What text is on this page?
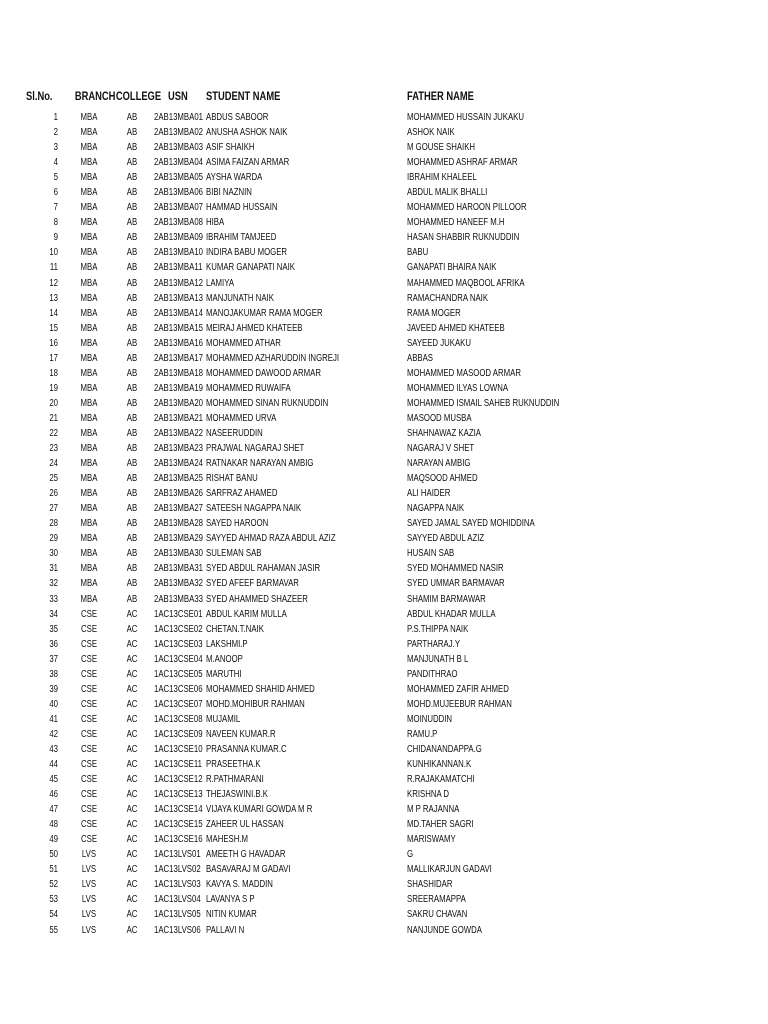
Sl.No.	BRANCH COLLEGE USN	STUDENT NAME	FATHER NAME
1	MBA	AB	2AB13MBA01 ABDUS SABOOR	MOHAMMED HUSSAIN JUKAKU
2	MBA	AB	2AB13MBA02 ANUSHA ASHOK NAIK	ASHOK NAIK
3	MBA	AB	2AB13MBA03 ASIF SHAIKH	M GOUSE SHAIKH
4	MBA	AB	2AB13MBA04 ASIMA FAIZAN ARMAR	MOHAMMED ASHRAF ARMAR
5	MBA	AB	2AB13MBA05 AYSHA WARDA	IBRAHIM KHALEEL
6	MBA	AB	2AB13MBA06 BIBI NAZNIN	ABDUL MALIK BHALLI
7	MBA	AB	2AB13MBA07 HAMMAD HUSSAIN	MOHAMMED HAROON PILLOOR
8	MBA	AB	2AB13MBA08 HIBA	MOHAMMED HANEEF M.H
9	MBA	AB	2AB13MBA09 IBRAHIM TAMJEED	HASAN SHABBIR RUKNUDDIN
10	MBA	AB	2AB13MBA10 INDIRA BABU MOGER	BABU
11	MBA	AB	2AB13MBA11 KUMAR GANAPATI NAIK	GANAPATI BHAIRA NAIK
12	MBA	AB	2AB13MBA12 LAMIYA	MAHAMMED MAQBOOL AFRIKA
13	MBA	AB	2AB13MBA13 MANJUNATH NAIK	RAMACHANDRA NAIK
14	MBA	AB	2AB13MBA14 MANOJAKUMAR RAMA MOGER	RAMA MOGER
15	MBA	AB	2AB13MBA15 MEIRAJ AHMED KHATEEB	JAVEED AHMED KHATEEB
16	MBA	AB	2AB13MBA16 MOHAMMED ATHAR	SAYEED JUKAKU
17	MBA	AB	2AB13MBA17 MOHAMMED AZHARUDDIN INGREJI	ABBAS
18	MBA	AB	2AB13MBA18 MOHAMMED DAWOOD ARMAR	MOHAMMED MASOOD ARMAR
19	MBA	AB	2AB13MBA19 MOHAMMED RUWAIFA	MOHAMMED ILYAS LOWNA
20	MBA	AB	2AB13MBA20 MOHAMMED SINAN RUKNUDDIN	MOHAMMED ISMAIL SAHEB RUKNUDDIN
21	MBA	AB	2AB13MBA21 MOHAMMED URVA	MASOOD MUSBA
22	MBA	AB	2AB13MBA22 NASEERUDDIN	SHAHNAWAZ KAZIA
23	MBA	AB	2AB13MBA23 PRAJWAL NAGARAJ SHET	NAGARAJ V SHET
24	MBA	AB	2AB13MBA24 RATNAKAR NARAYAN AMBIG	NARAYAN AMBIG
25	MBA	AB	2AB13MBA25 RISHAT BANU	MAQSOOD AHMED
26	MBA	AB	2AB13MBA26 SARFRAZ AHAMED	ALI HAIDER
27	MBA	AB	2AB13MBA27 SATEESH NAGAPPA NAIK	NAGAPPA NAIK
28	MBA	AB	2AB13MBA28 SAYED HAROON	SAYED JAMAL SAYED MOHIDDINA
29	MBA	AB	2AB13MBA29 SAYYED AHMAD RAZA ABDUL AZIZ	SAYYED ABDUL AZIZ
30	MBA	AB	2AB13MBA30 SULEMAN SAB	HUSAIN SAB
31	MBA	AB	2AB13MBA31 SYED ABDUL RAHAMAN JASIR	SYED MOHAMMED NASIR
32	MBA	AB	2AB13MBA32 SYED AFEEF BARMAVAR	SYED UMMAR BARMAVAR
33	MBA	AB	2AB13MBA33 SYED AHAMMED SHAZEER	SHAMIM BARMAWAR
34	CSE	AC	1AC13CSE01 ABDUL KARIM MULLA	ABDUL KHADAR MULLA
35	CSE	AC	1AC13CSE02 CHETAN.T.NAIK	P.S.THIPPA NAIK
36	CSE	AC	1AC13CSE03 LAKSHMI.P	PARTHARAJ.Y
37	CSE	AC	1AC13CSE04 M.ANOOP	MANJUNATH B L
38	CSE	AC	1AC13CSE05 MARUTHI	PANDITHRAO
39	CSE	AC	1AC13CSE06 MOHAMMED SHAHID AHMED	MOHAMMED ZAFIR AHMED
40	CSE	AC	1AC13CSE07 MOHD.MOHIBUR RAHMAN	MOHD.MUJEEBUR RAHMAN
41	CSE	AC	1AC13CSE08 MUJAMIL	MOINUDDIN
42	CSE	AC	1AC13CSE09 NAVEEN KUMAR.R	RAMU.P
43	CSE	AC	1AC13CSE10 PRASANNA KUMAR.C	CHIDANANDAPPA.G
44	CSE	AC	1AC13CSE11 PRASEETHA.K	KUNHIKANNAN.K
45	CSE	AC	1AC13CSE12 R.PATHMARANI	R.RAJAKAMATCHI
46	CSE	AC	1AC13CSE13 THEJASWINI.B.K	KRISHNA D
47	CSE	AC	1AC13CSE14 VIJAYA KUMARI GOWDA M R	M P RAJANNA
48	CSE	AC	1AC13CSE15 ZAHEER UL HASSAN	MD.TAHER SAGRI
49	CSE	AC	1AC13CSE16 MAHESH.M	MARISWAMY
50	LVS	AC	1AC13LVS01 AMEETH G HAVADAR	G
51	LVS	AC	1AC13LVS02 BASAVARAJ M GADAVI	MALLIKARJUN GADAVI
52	LVS	AC	1AC13LVS03 KAVYA S. MADDIN	SHASHIDAR
53	LVS	AC	1AC13LVS04 LAVANYA S P	SREERAMAPPA
54	LVS	AC	1AC13LVS05 NITIN KUMAR	SAKRU CHAVAN
55	LVS	AC	1AC13LVS06 PALLAVI N	NANJUNDE GOWDA
